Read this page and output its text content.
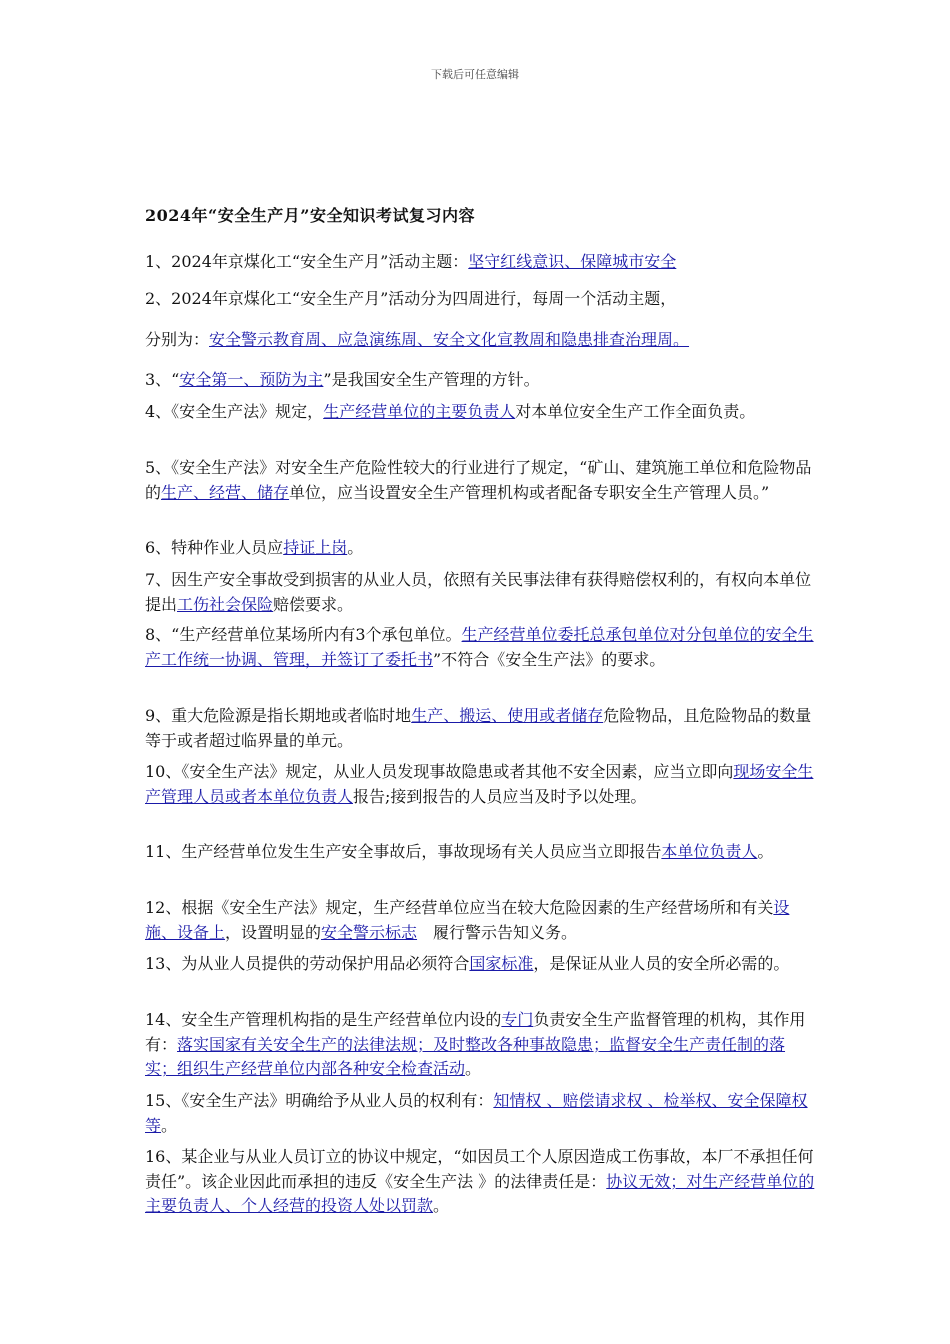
下载后可任意编辑
2024年“安全生产月”安全知识考试复习内容
1、2024年京煤化工“安全生产月”活动主题：坚守红线意识、保障城市安全
2、2024年京煤化工“安全生产月”活动分为四周进行，每周一个活动主题，
分别为：安全警示教育周、应急演练周、安全文化宣教周和隐患排查治理周。
3、“安全第一、预防为主”是我国安全生产管理的方针。
4、《安全生产法》规定，生产经营单位的主要负责人对本单位安全生产工作全面负责。
5、《安全生产法》对安全生产危险性较大的行业进行了规定，“矿山、建筑施工单位和危险物品的生产、经营、储存单位，应当设置安全生产管理机构或者配备专职安全生产管理人员。”
6、特种作业人员应持证上岗。
7、因生产安全事故受到损害的从业人员，依照有关民事法律有获得赔偿权利的，有权向本单位提出工伤社会保险赔偿要求。
8、“生产经营单位某场所内有3个承包单位。生产经营单位委托总承包单位对分包单位的安全生产工作统一协调、管理，并签订了委托书”不符合《安全生产法》的要求。
9、重大危险源是指长期地或者临时地生产、搬运、使用或者储存危险物品，且危险物品的数量等于或者超过临界量的单元。
10、《安全生产法》规定，从业人员发现事故隐患或者其他不安全因素，应当立即向现场安全生产管理人员或者本单位负责人报告;接到报告的人员应当及时予以处理。
11、生产经营单位发生生产安全事故后，事故现场有关人员应当立即报告本单位负责人。
12、根据《安全生产法》规定，生产经营单位应当在较大危险因素的生产经营场所和有关设施、设备上，设置明显的安全警示标志　履行警示告知义务。
13、为从业人员提供的劳动保护用品必须符合国家标准，是保证从业人员的安全所必需的。
14、安全生产管理机构指的是生产经营单位内设的专门负责安全生产监督管理的机构，其作用有：落实国家有关安全生产的法律法规；及时整改各种事故隐患；监督安全生产责任制的落实；组织生产经营单位内部各种安全检查活动。
15、《安全生产法》明确给予从业人员的权利有：知情权 、赔偿请求权 、检举权、安全保障权等。
16、某企业与从业人员订立的协议中规定，“如因员工个人原因造成工伤事故，本厂不承担任何责任”。该企业因此而承担的违反《安全生产法 》的法律责任是：协议无效；对生产经营单位的主要负责人、个人经营的投资人处以罚款。
